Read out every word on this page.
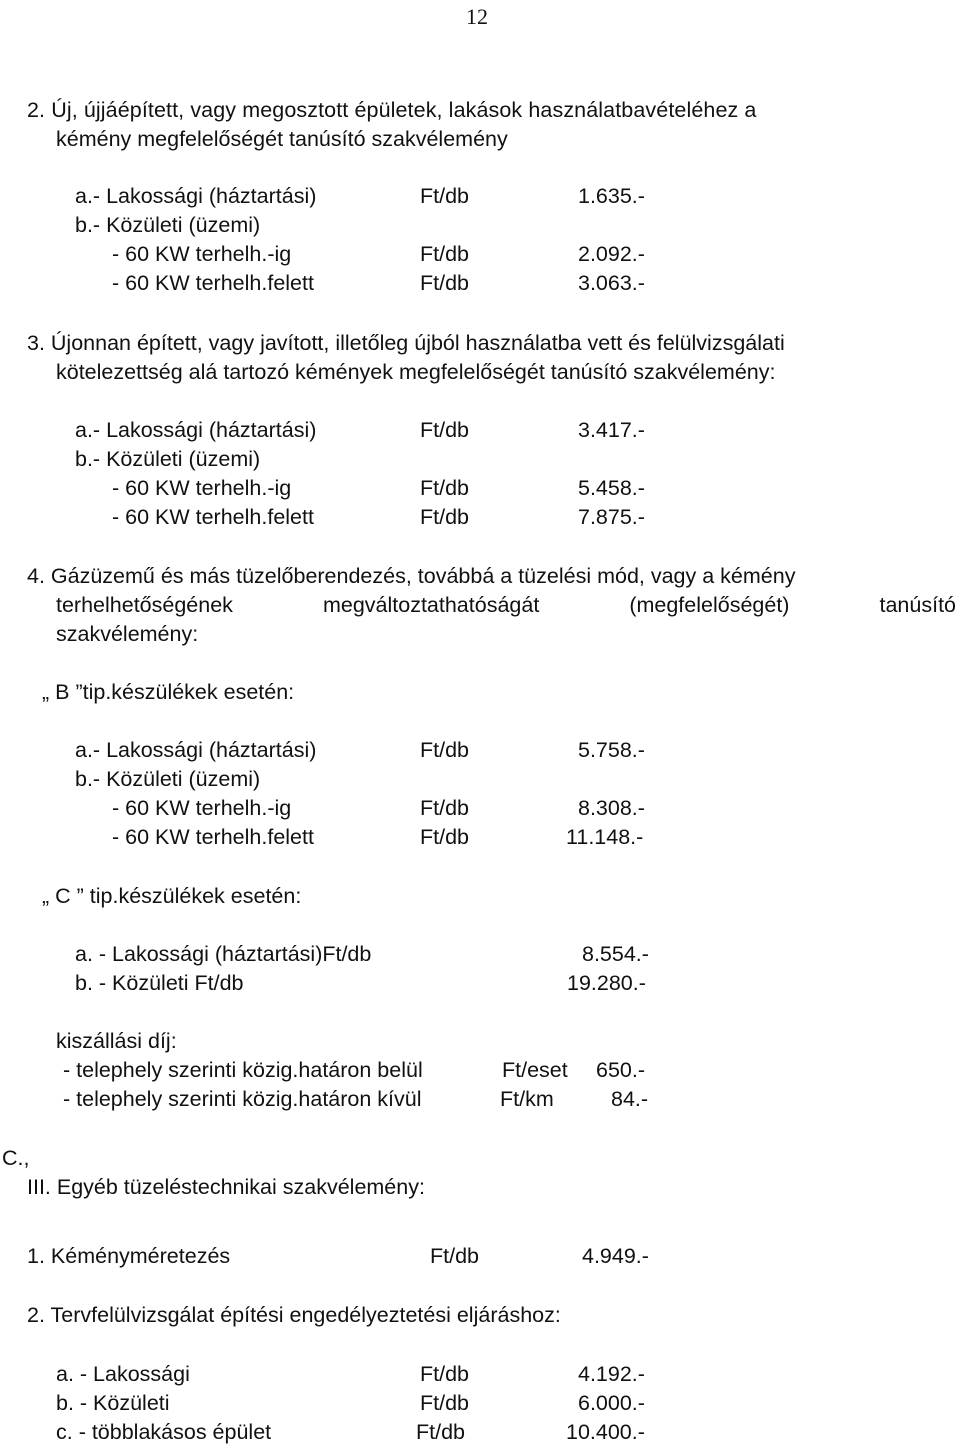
12
2. Új, újjáépített, vagy megosztott épületek, lakások használatbavételéhez a
kémény megfelelőségét tanúsító szakvélemény
a.- Lakossági (háztartási)	Ft/db	1.635.-
b.- Közületi (üzemi)
- 60 KW terhelh.-ig	Ft/db	2.092.-
- 60 KW terhelh.felett	Ft/db	3.063.-
3. Újonnan épített, vagy javított, illetőleg újból használatba vett és felülvizsgálati
kötelezettség alá tartozó kémények megfelelőségét tanúsító szakvélemény:
a.- Lakossági (háztartási)	Ft/db	3.417.-
b.- Közületi (üzemi)
- 60 KW terhelh.-ig	Ft/db	5.458.-
- 60 KW terhelh.felett	Ft/db	7.875.-
4. Gázüzemű és más tüzelőberendezés, továbbá a tüzelési mód, vagy a kémény
terhelhetőségének	megváltoztathatóságát	(megfelelőségét)	tanúsító
szakvélemény:
„ B ”tip.készülékek esetén:
a.- Lakossági (háztartási)	Ft/db	5.758.-
b.- Közületi (üzemi)
- 60 KW terhelh.-ig	Ft/db	8.308.-
- 60 KW terhelh.felett	Ft/db	11.148.-
„ C ” tip.készülékek esetén:
a. - Lakossági (háztartási)Ft/db	8.554.-
b. - Közületi Ft/db	19.280.-
kiszállási díj:
- telephely szerinti közig.határon belül	Ft/eset 650.-
- telephely szerinti közig.határon kívül	Ft/km	84.-
C.,
III. Egyéb tüzeléstechnikai szakvélemény:
1. Kéményméretezés	Ft/db	4.949.-
2. Tervfelülvizsgálat építési engedélyeztetési eljáráshoz:
a. - Lakossági	Ft/db	4.192.-
b. - Közületi	Ft/db	6.000.-
c. - többlakásos épület	Ft/db	10.400.-
